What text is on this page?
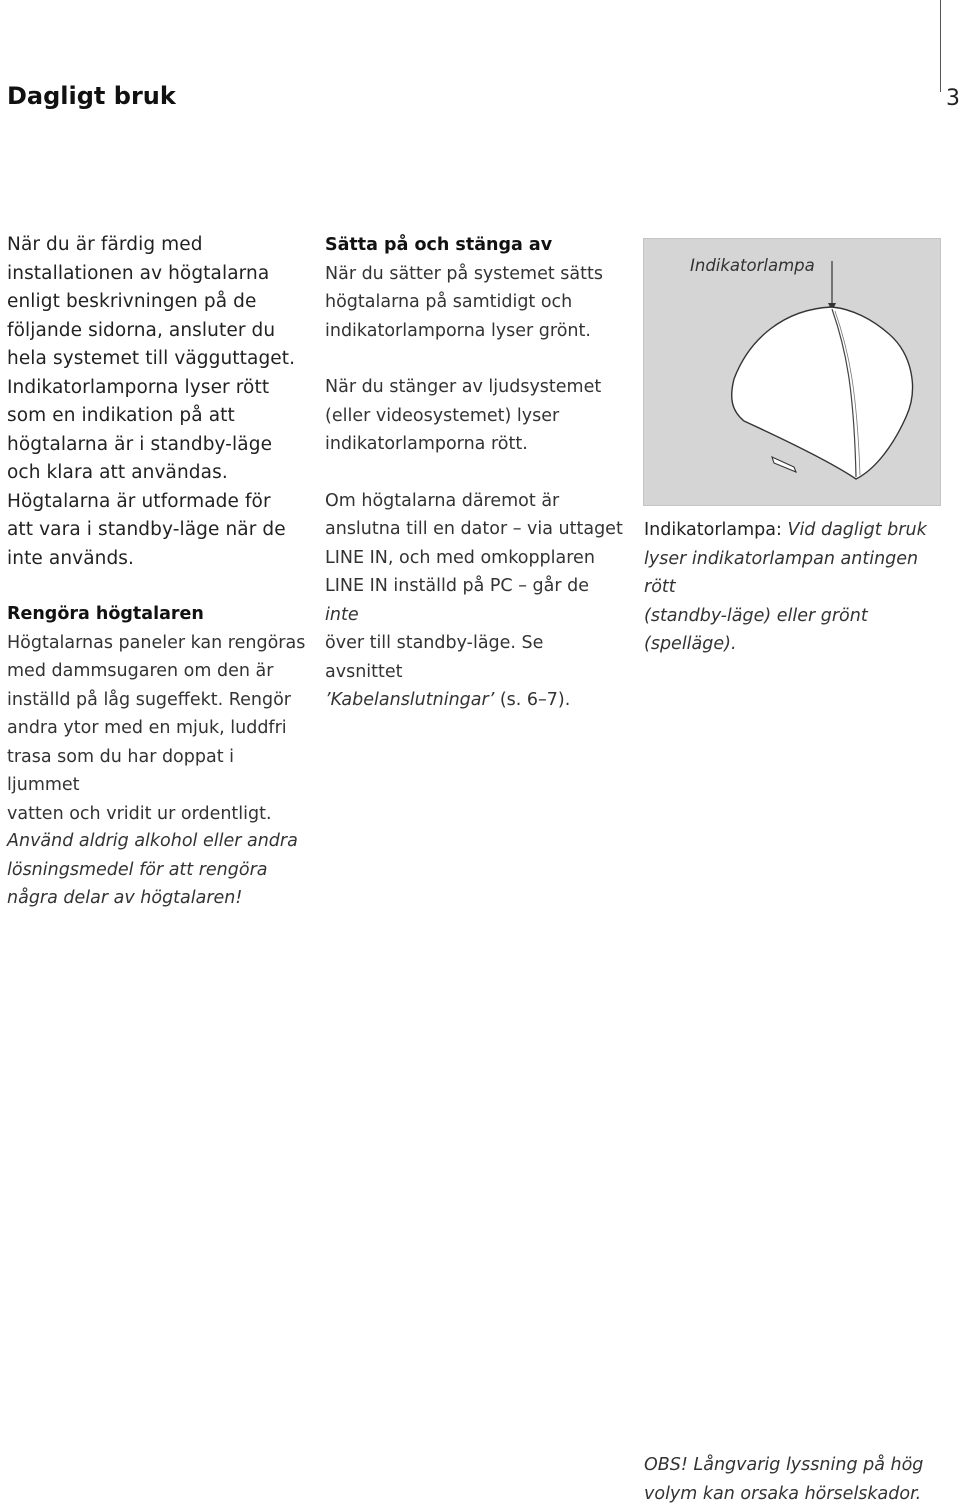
Dagligt bruk	3

När du är färdig med
installationen av högtalarna
enligt beskrivningen på de
följande sidorna, ansluter du
hela systemet till vägguttaget.
Indikatorlamporna lyser rött
som en indikation på att
högtalarna är i standby-läge
och klara att användas.
Högtalarna är utformade för
att vara i standby-läge när de
inte används.

Rengöra högtalaren

Högtalarnas paneler kan rengöras
med dammsugaren om den är
inställd på låg sugeffekt. Rengör
andra ytor med en mjuk, luddfri
trasa som du har doppat i ljummet
vatten och vridit ur ordentligt.

Använd aldrig alkohol eller andra
lösningsmedel för att rengöra
några delar av högtalaren!

Sätta på och stänga av

När du sätter på systemet sätts
högtalarna på samtidigt och
indikatorlamporna lyser grönt.

När du stänger av ljudsystemet
(eller videosystemet) lyser
indikatorlamporna rött.

Om högtalarna däremot är

anslutna till en dator – via uttaget

LINE IN, och med omkopplaren

LINE IN inställd på PC – går de inte

över till standby-läge. Se avsnittet

’Kabelanslutningar’ (s. 6–7).

Indikatorlampa

Indikatorlampa: Vid dagligt bruk

lyser indikatorlampan antingen rött
(standby-läge) eller grönt
(spelläge).

OBS! Långvarig lyssning på hög
volym kan orsaka hörselskador.
